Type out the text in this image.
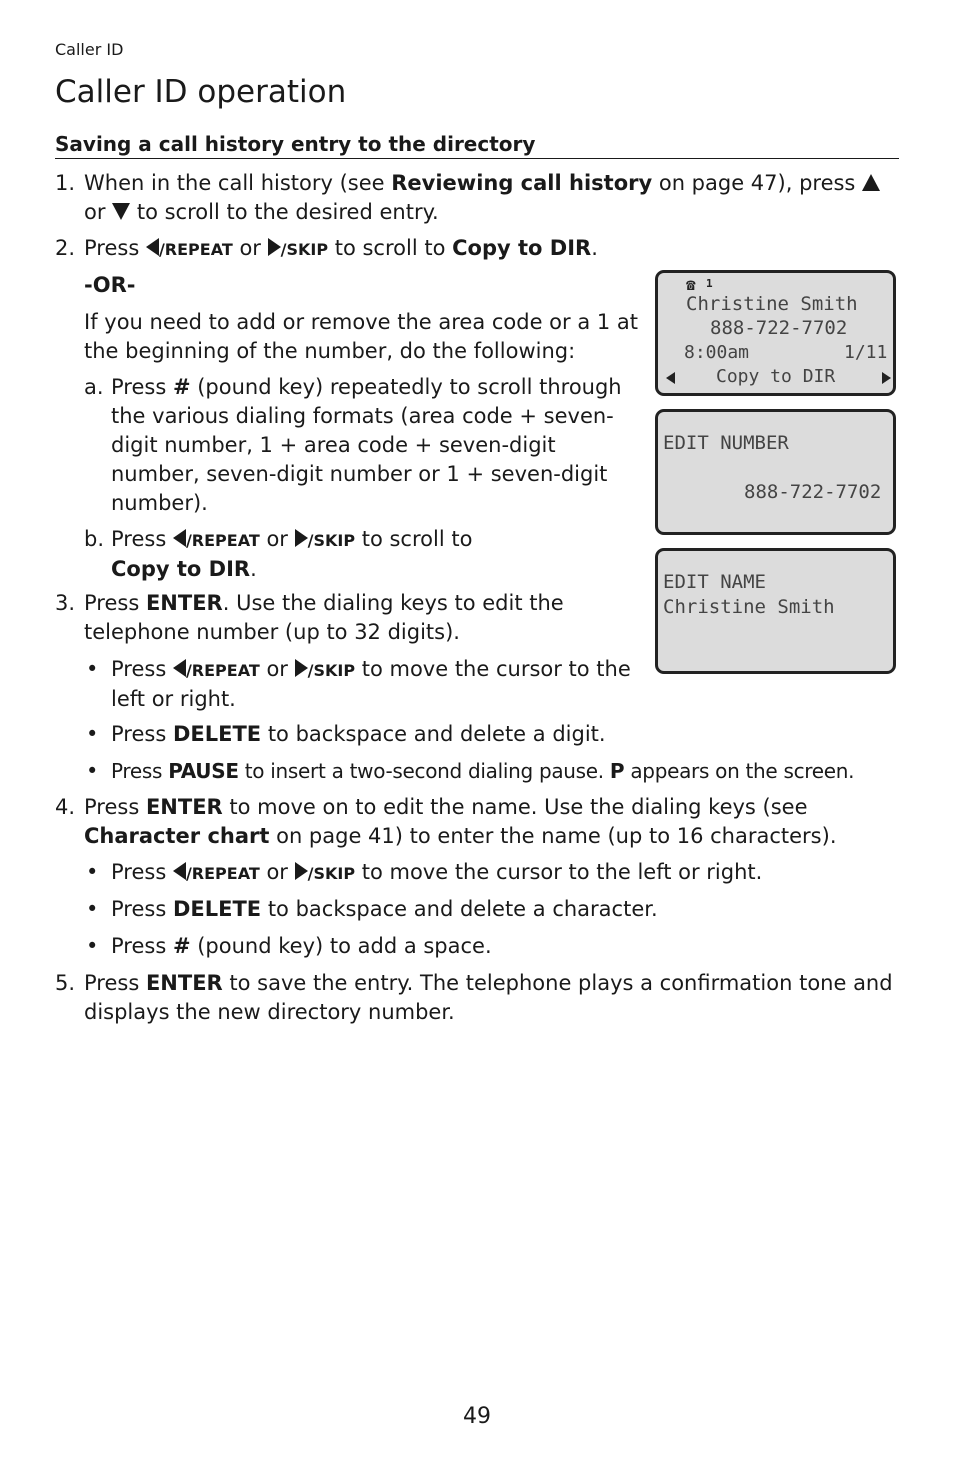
Caller ID
Caller ID operation
Saving a call history entry to the directory
1. When in the call history (see Reviewing call history on page 47), press  or  to scroll to the desired entry.

2. Press /REPEAT or /SKIP to scroll to Copy to DIR.

-OR-

If you need to add or remove the area code or a 1 at the beginning of the number, do the following:

a. Press # (pound key) repeatedly to scroll through the various dialing formats (area code + seven-digit number, 1 + area code + seven-digit number, seven-digit number or 1 + seven-digit number).

b. Press /REPEAT or /SKIP to scroll to
Copy to DIR.

3. Press ENTER. Use the dialing keys to edit the telephone number (up to 32 digits).

• Press /REPEAT or /SKIP to move the cursor to the left or right.

• Press DELETE to backspace and delete a digit.

• Press PAUSE to insert a two-second dialing pause. P appears on the screen.

4. Press ENTER to move on to edit the name. Use the dialing keys (see Character chart on page 41) to enter the name (up to 16 characters).

• Press /REPEAT or /SKIP to move the cursor to the left or right.

• Press DELETE to backspace and delete a character.

• Press # (pound key) to add a space.

5. Press ENTER to save the entry. The telephone plays a confirmation tone and displays the new directory number.

☎ 1
Christine Smith
888-722-7702
8:00am	1/11
Copy to DIR
EDIT NUMBER
888-722-7702
EDIT NAME
Christine Smith
49
